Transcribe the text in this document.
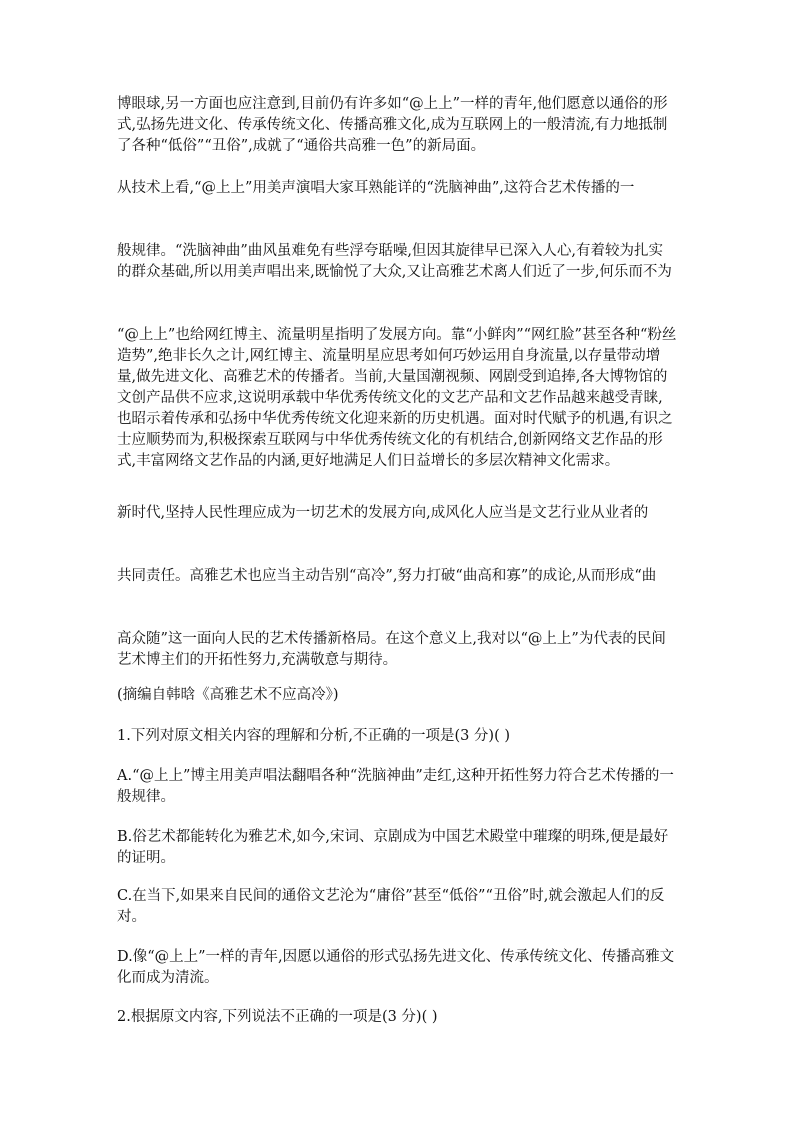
博眼球,另一方面也应注意到,目前仍有许多如“@上上”一样的青年,他们愿意以通俗的形式,弘扬先进文化、传承传统文化、传播高雅文化,成为互联网上的一般清流,有力地抵制了各种“低俗”“丑俗”,成就了“通俗共高雅一色”的新局面。

从技术上看,“@上上”用美声演唱大家耳熟能详的“洗脑神曲”,这符合艺术传播的一

般规律。“洗脑神曲”曲风虽难免有些浮夸聒噪,但因其旋律早已深入人心,有着较为扎实的群众基础,所以用美声唱出来,既愉悦了大众,又让高雅艺术离人们近了一步,何乐而不为

“@上上”也给网红博主、流量明星指明了发展方向。靠“小鲜肉”“网红脸”甚至各种“粉丝造势”,绝非长久之计,网红博主、流量明星应思考如何巧妙运用自身流量,以存量带动增量,做先进文化、高雅艺术的传播者。当前,大量国潮视频、网剧受到追捧,各大博物馆的文创产品供不应求,这说明承载中华优秀传统文化的文艺产品和文艺作品越来越受青睐,也昭示着传承和弘扬中华优秀传统文化迎来新的历史机遇。面对时代赋予的机遇,有识之士应顺势而为,积极探索互联网与中华优秀传统文化的有机结合,创新网络文艺作品的形式,丰富网络文艺作品的内涵,更好地满足人们日益增长的多层次精神文化需求。

新时代,坚持人民性理应成为一切艺术的发展方向,成风化人应当是文艺行业从业者的

共同责任。高雅艺术也应当主动告别“高冷”,努力打破“曲高和寡”的成论,从而形成“曲

高众随”这一面向人民的艺术传播新格局。在这个意义上,我对以“@上上”为代表的民间艺术博主们的开拓性努力,充满敬意与期待。

(摘编自韩晗《高雅艺术不应高冷》)

1.下列对原文相关内容的理解和分析,不正确的一项是(3 分)( )

A.“@上上”博主用美声唱法翻唱各种“洗脑神曲”走红,这种开拓性努力符合艺术传播的一般规律。

B.俗艺术都能转化为雅艺术,如今,宋词、京剧成为中国艺术殿堂中璀璨的明珠,便是最好的证明。

C.在当下,如果来自民间的通俗文艺沦为“庸俗”甚至“低俗”“丑俗”时,就会激起人们的反对。

D.像“@上上”一样的青年,因愿以通俗的形式弘扬先进文化、传承传统文化、传播高雅文化而成为清流。

2.根据原文内容,下列说法不正确的一项是(3 分)( )
